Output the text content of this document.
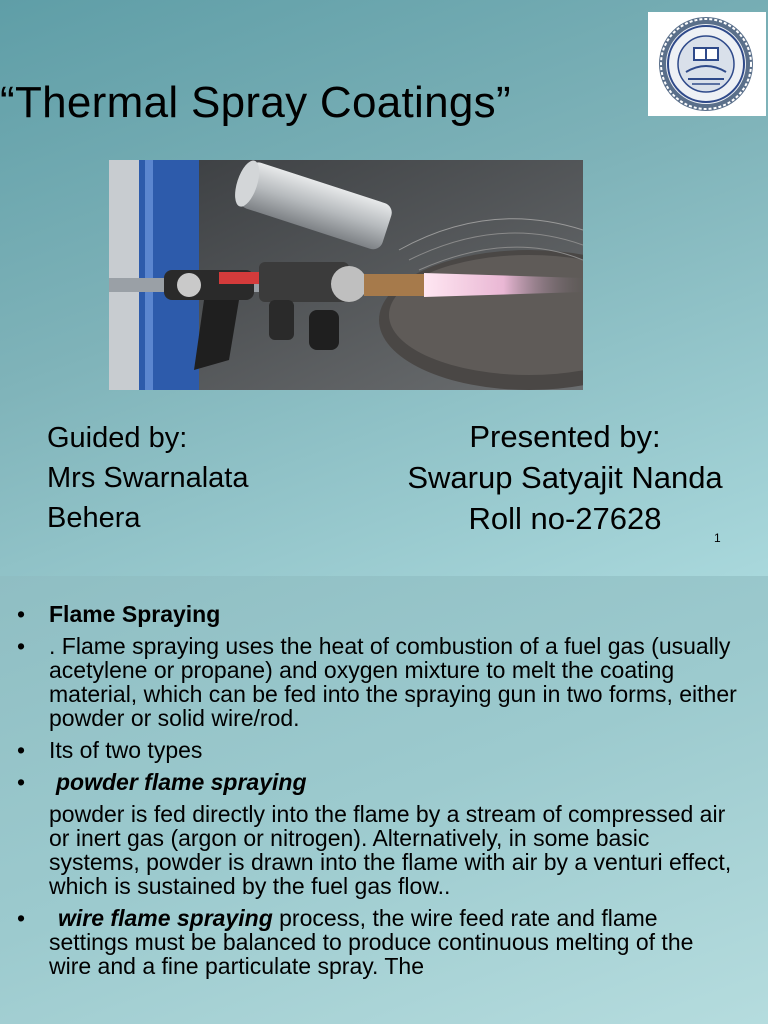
“Thermal Spray Coatings”
Guided by:
Mrs Swarnalata
Behera
Presented by:
Swarup Satyajit Nanda
Roll no-27628
1
• Flame Spraying
• . Flame spraying uses the heat of combustion of a fuel gas (usually acetylene or propane) and oxygen mixture to melt the coating material, which can be fed into the spraying gun in two forms, either powder or solid wire/rod.
• Its of two types
• powder flame spraying
powder is fed directly into the flame by a stream of compressed air or inert gas (argon or nitrogen). Alternatively, in some basic systems, powder is drawn into the flame with air by a venturi effect, which is sustained by the fuel gas flow..
• wire flame spraying process, the wire feed rate and flame settings must be balanced to produce continuous melting of the wire and a fine particulate spray. The
